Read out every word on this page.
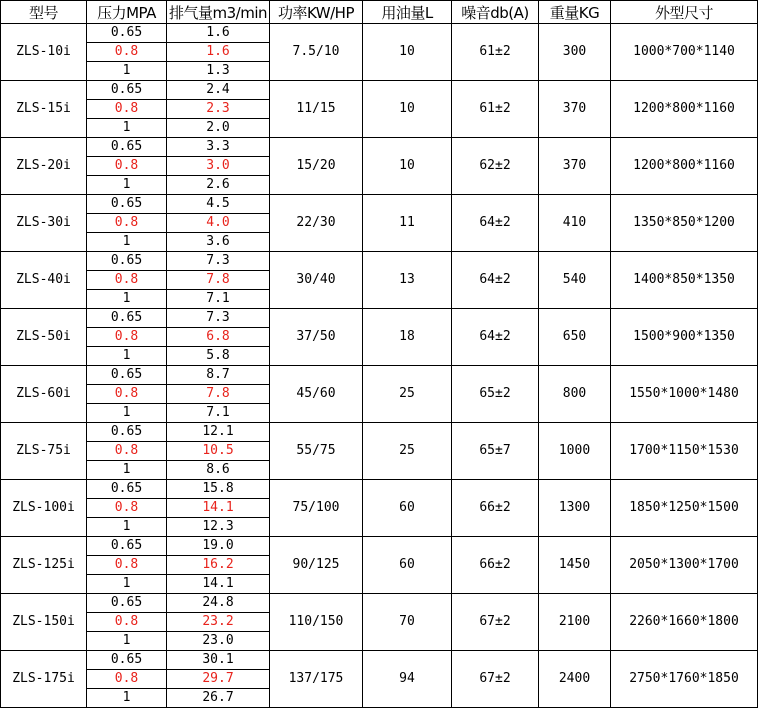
型号	压力MPA	排气量m3/min	功率KW/HP	用油量L	噪音db(A)	重量KG	外型尺寸
ZLS-10i	0.65	1.6	7.5/10	10	61±2	300	1000*700*1140
	0.8	1.6					
	1	1.3					
ZLS-15i	0.65	2.4	11/15	10	61±2	370	1200*800*1160
	0.8	2.3					
	1	2.0					
ZLS-20i	0.65	3.3	15/20	10	62±2	370	1200*800*1160
	0.8	3.0					
	1	2.6					
ZLS-30i	0.65	4.5	22/30	11	64±2	410	1350*850*1200
	0.8	4.0					
	1	3.6					
ZLS-40i	0.65	7.3	30/40	13	64±2	540	1400*850*1350
	0.8	7.8					
	1	7.1					
ZLS-50i	0.65	7.3	37/50	18	64±2	650	1500*900*1350
	0.8	6.8					
	1	5.8					
ZLS-60i	0.65	8.7	45/60	25	65±2	800	1550*1000*1480
	0.8	7.8					
	1	7.1					
ZLS-75i	0.65	12.1	55/75	25	65±7	1000	1700*1150*1530
	0.8	10.5					
	1	8.6					
ZLS-100i	0.65	15.8	75/100	60	66±2	1300	1850*1250*1500
	0.8	14.1					
	1	12.3					
ZLS-125i	0.65	19.0	90/125	60	66±2	1450	2050*1300*1700
	0.8	16.2					
	1	14.1					
ZLS-150i	0.65	24.8	110/150	70	67±2	2100	2260*1660*1800
	0.8	23.2					
	1	23.0					
ZLS-175i	0.65	30.1	137/175	94	67±2	2400	2750*1760*1850
	0.8	29.7					
	1	26.7					
